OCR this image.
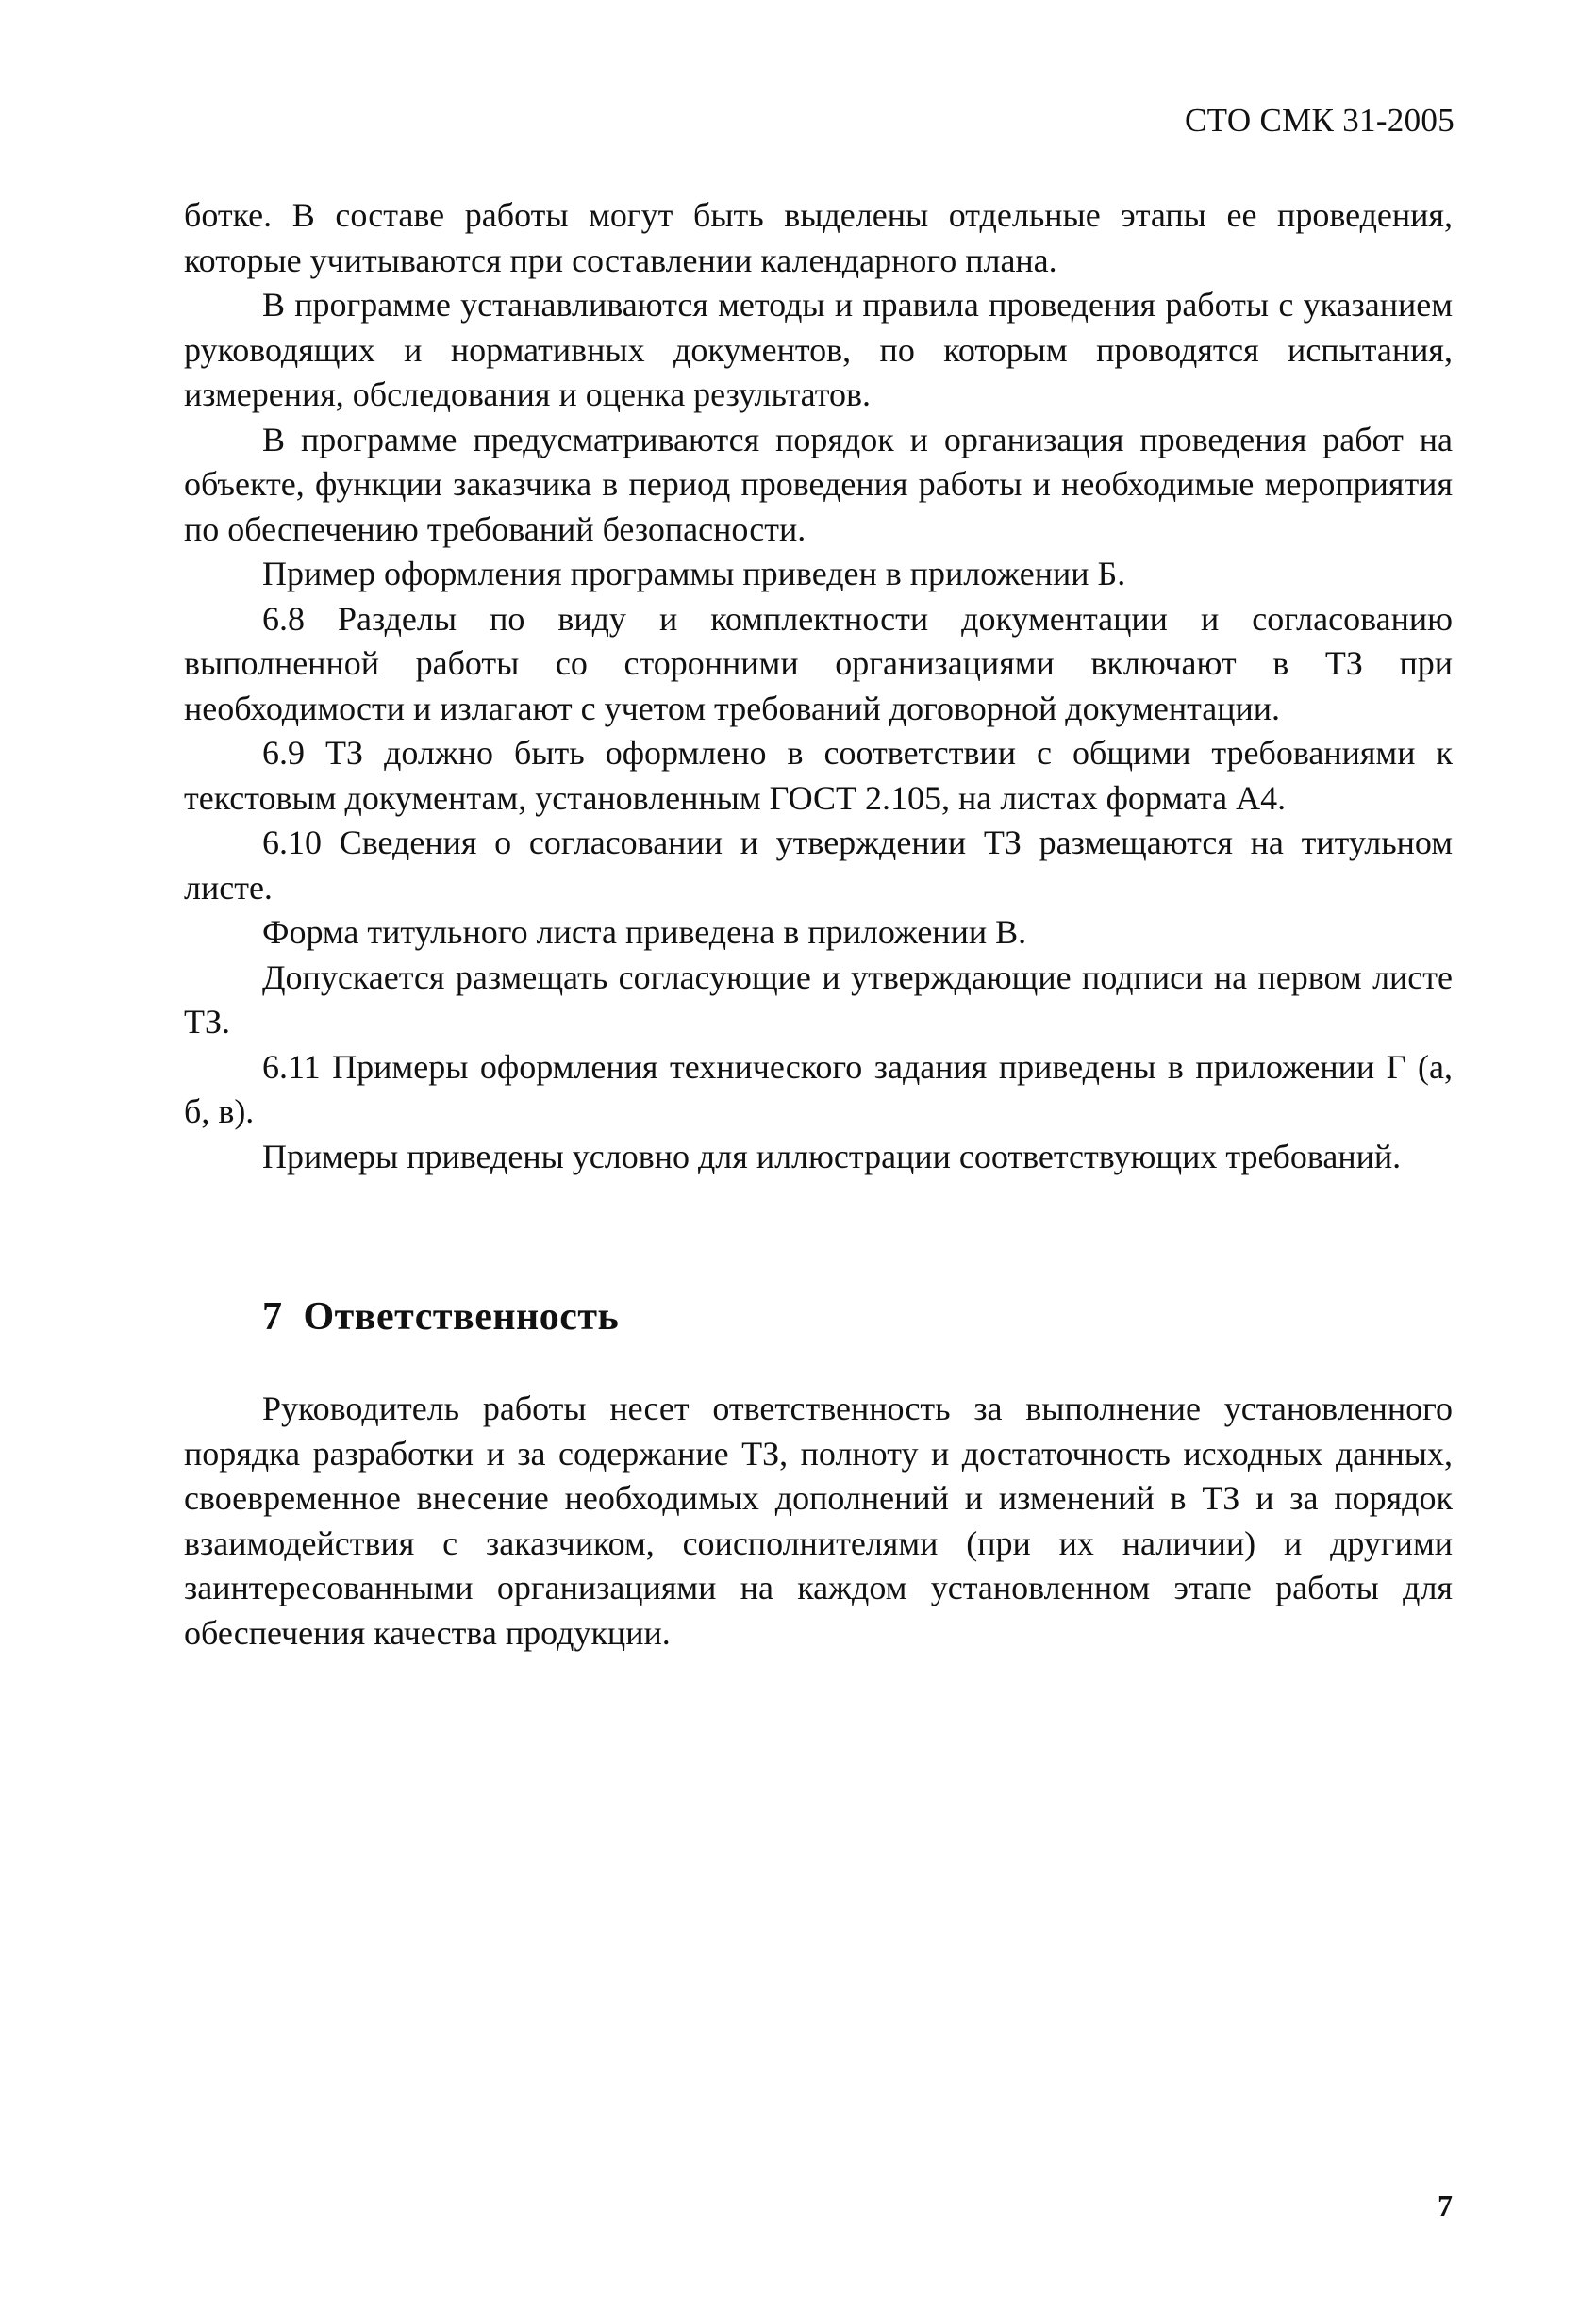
СТО СМК 31-2005

ботке. В составе работы могут быть выделены отдельные этапы ее проведения, которые учитываются при составлении календарного плана.

В программе устанавливаются методы и правила проведения работы с указанием руководящих и нормативных документов, по которым проводятся испытания, измерения, обследования и оценка результатов.

В программе предусматриваются порядок и организация проведения работ на объекте, функции заказчика в период проведения работы и необходимые мероприятия по обеспечению требований безопасности.

Пример оформления программы приведен в приложении Б.

6.8 Разделы по виду и комплектности документации и согласованию выполненной работы со сторонними организациями включают в ТЗ при необходимости и излагают с учетом требований договорной документации.

6.9 ТЗ должно быть оформлено в соответствии с общими требованиями к текстовым документам, установленным ГОСТ 2.105, на листах формата А4.

6.10 Сведения о согласовании и утверждении ТЗ размещаются на титульном листе.

Форма титульного листа приведена в приложении В.

Допускается размещать согласующие и утверждающие подписи на первом листе ТЗ.

6.11 Примеры оформления технического задания приведены в приложении Г (а, б, в).

Примеры приведены условно для иллюстрации соответствующих требований.

7 Ответственность

Руководитель работы несет ответственность за выполнение установленного порядка разработки и за содержание ТЗ, полноту и достаточность исходных данных, своевременное внесение необходимых дополнений и изменений в ТЗ и за порядок взаимодействия с заказчиком, соисполнителями (при их наличии) и другими заинтересованными организациями на каждом установленном этапе работы для обеспечения качества продукции.

7
